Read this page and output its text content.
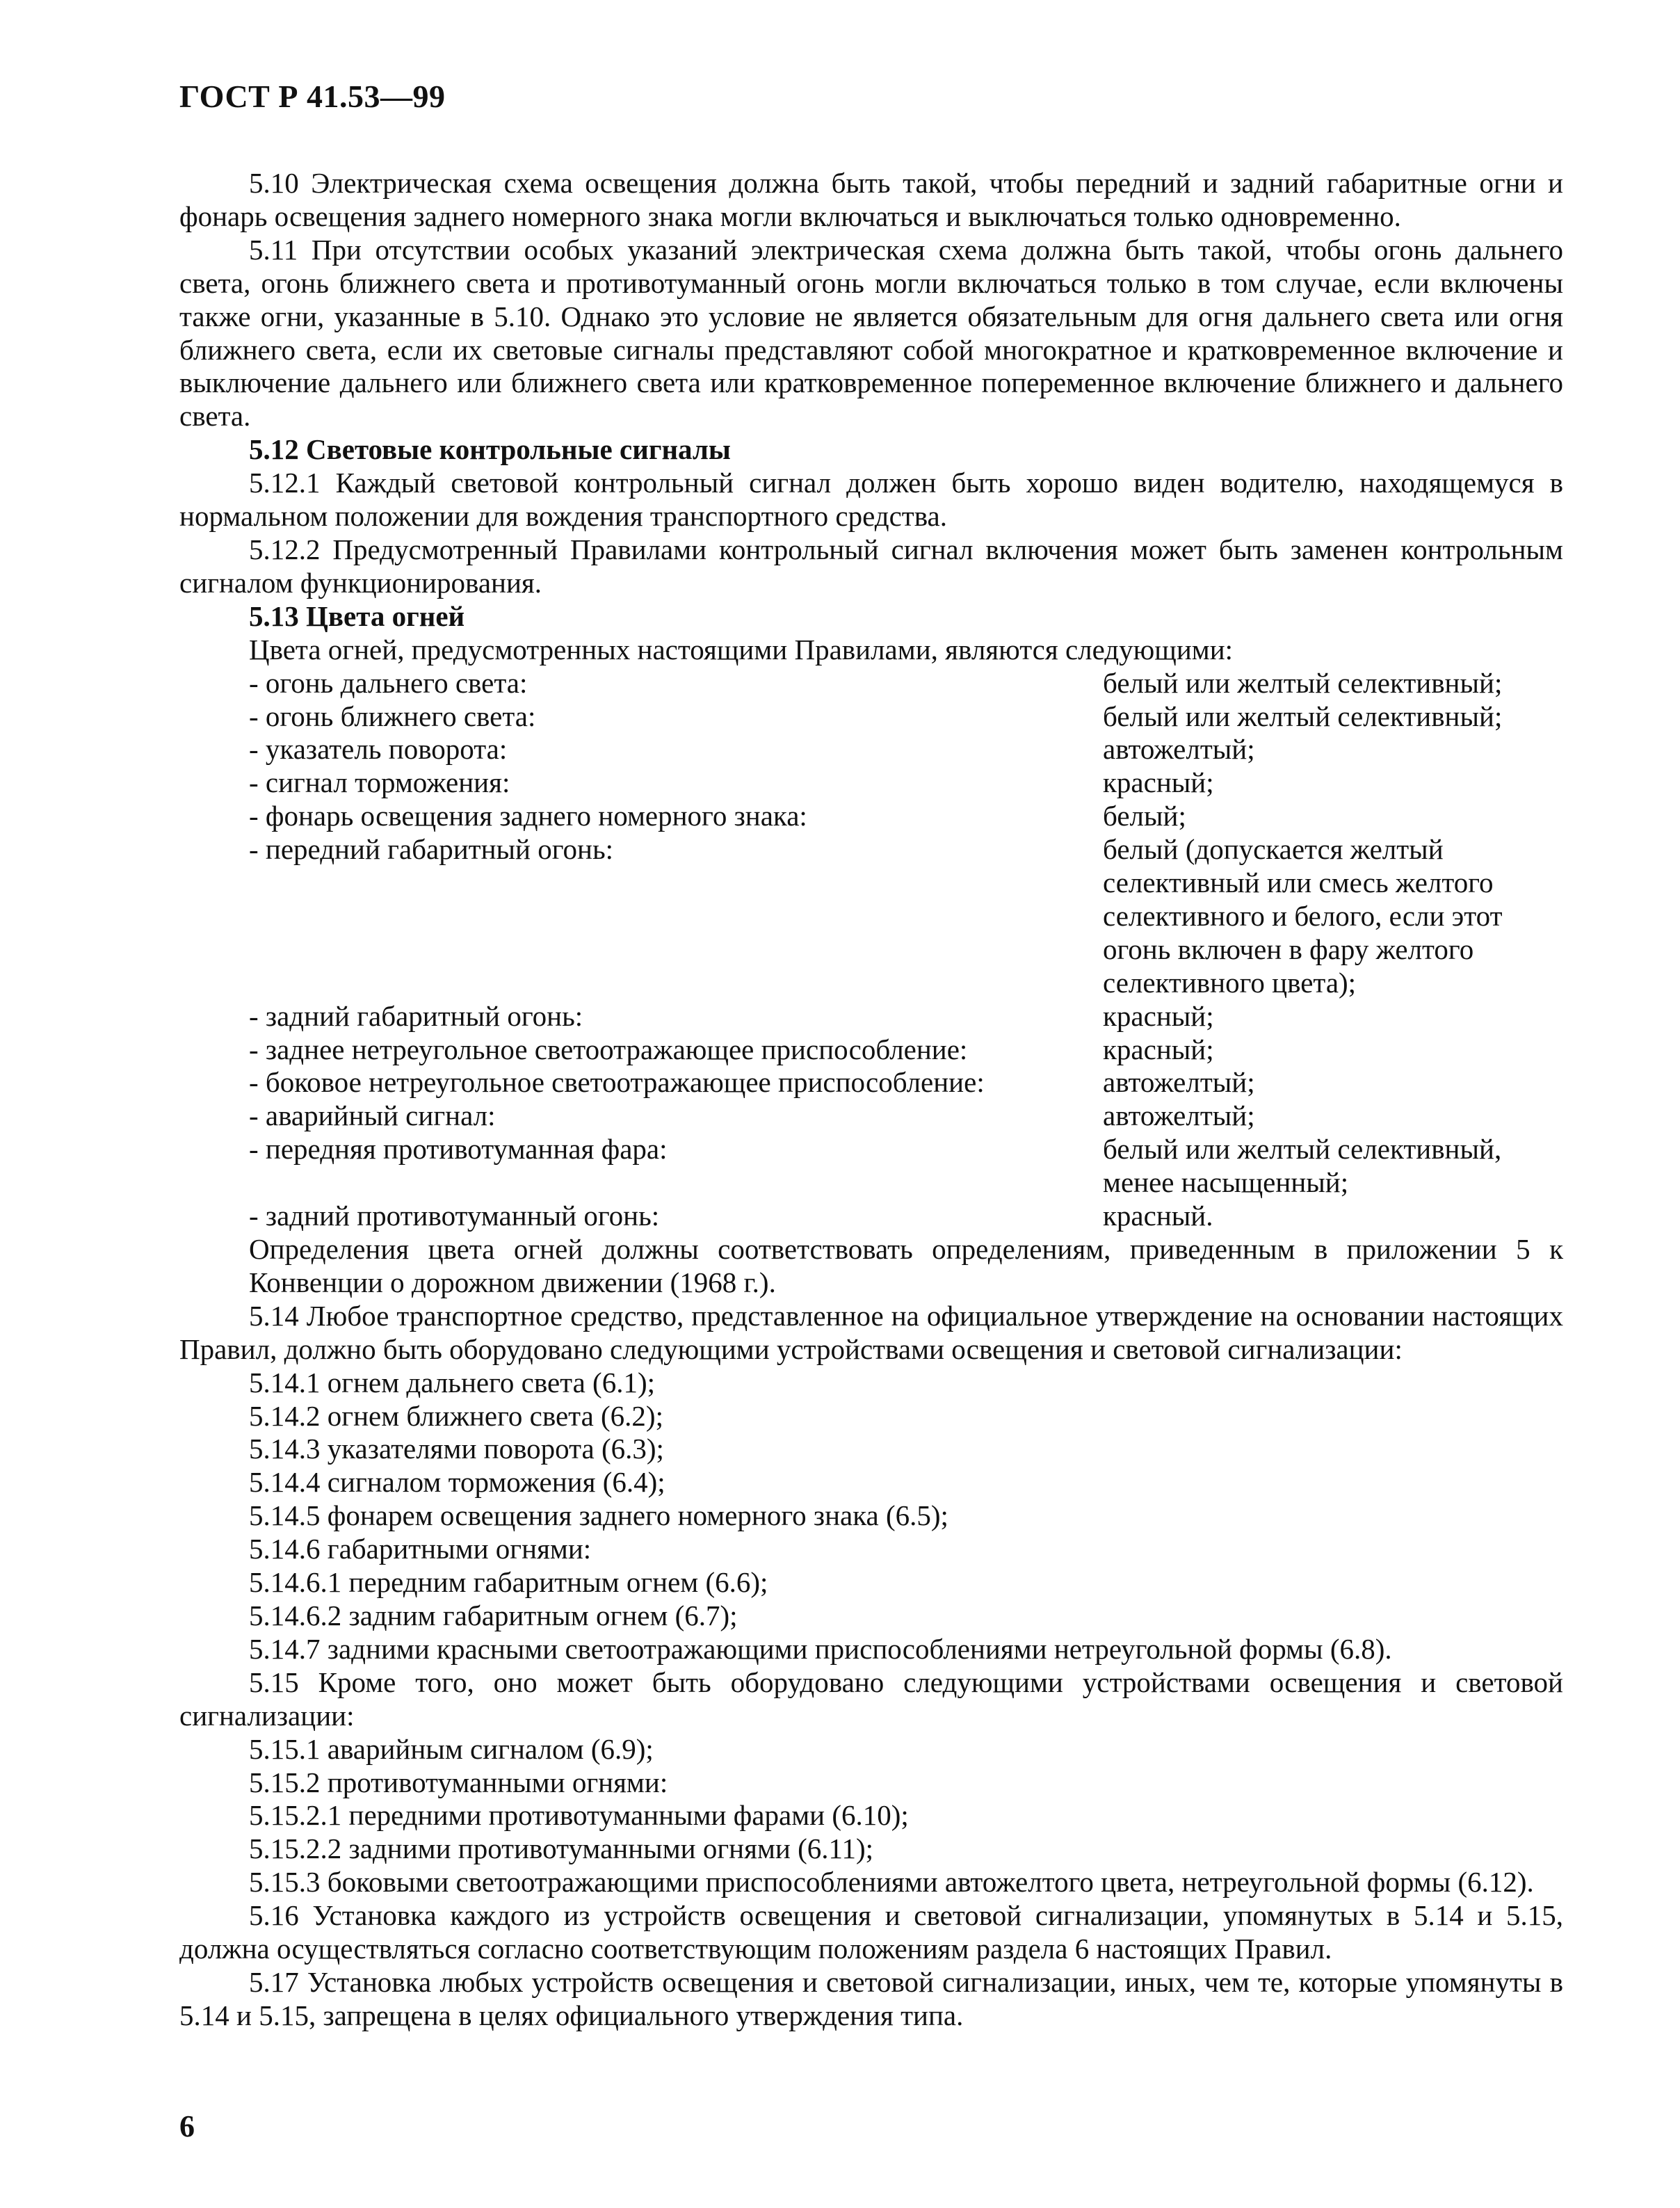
ГОСТ Р 41.53—99

5.10 Электрическая схема освещения должна быть такой, чтобы передний и задний габаритные огни и фонарь освещения заднего номерного знака могли включаться и выключаться только одновременно.

5.11 При отсутствии особых указаний электрическая схема должна быть такой, чтобы огонь дальнего света, огонь ближнего света и противотуманный огонь могли включаться только в том случае, если включены также огни, указанные в 5.10. Однако это условие не является обязательным для огня дальнего света или огня ближнего света, если их световые сигналы представляют собой многократное и кратковременное включение и выключение дальнего или ближнего света или кратковременное попеременное включение ближнего и дальнего света.

5.12 Световые контрольные сигналы

5.12.1 Каждый световой контрольный сигнал должен быть хорошо виден водителю, находящемуся в нормальном положении для вождения транспортного средства.

5.12.2 Предусмотренный Правилами контрольный сигнал включения может быть заменен контрольным сигналом функционирования.

5.13 Цвета огней

Цвета огней, предусмотренных настоящими Правилами, являются следующими:

- огонь дальнего света:	белый или желтый селективный;
- огонь ближнего света:	белый или желтый селективный;
- указатель поворота:	автожелтый;
- сигнал торможения:	красный;
- фонарь освещения заднего номерного знака:	белый;
- передний габаритный огонь:	белый (допускается желтый селективный или смесь желтого селективного и белого, если этот огонь включен в фару желтого селективного цвета);
- задний габаритный огонь:	красный;
- заднее нетреугольное светоотражающее приспособление:	красный;
- боковое нетреугольное светоотражающее приспособление:	автожелтый;
- аварийный сигнал:	автожелтый;
- передняя противотуманная фара:	белый или желтый селективный, менее насыщенный;
- задний противотуманный огонь:	красный.

Определения цвета огней должны соответствовать определениям, приведенным в приложении 5 к Конвенции о дорожном движении (1968 г.).

5.14 Любое транспортное средство, представленное на официальное утверждение на основании настоящих Правил, должно быть оборудовано следующими устройствами освещения и световой сигнализации:

5.14.1 огнем дальнего света (6.1);

5.14.2 огнем ближнего света (6.2);

5.14.3 указателями поворота (6.3);

5.14.4 сигналом торможения (6.4);

5.14.5 фонарем освещения заднего номерного знака (6.5);

5.14.6 габаритными огнями:

5.14.6.1 передним габаритным огнем (6.6);

5.14.6.2 задним габаритным огнем (6.7);

5.14.7 задними красными светоотражающими приспособлениями нетреугольной формы (6.8).

5.15 Кроме того, оно может быть оборудовано следующими устройствами освещения и световой сигнализации:

5.15.1 аварийным сигналом (6.9);

5.15.2 противотуманными огнями:

5.15.2.1 передними противотуманными фарами (6.10);

5.15.2.2 задними противотуманными огнями (6.11);

5.15.3 боковыми светоотражающими приспособлениями автожелтого цвета, нетреугольной формы (6.12).

5.16 Установка каждого из устройств освещения и световой сигнализации, упомянутых в 5.14 и 5.15, должна осуществляться согласно соответствующим положениям раздела 6 настоящих Правил.

5.17 Установка любых устройств освещения и световой сигнализации, иных, чем те, которые упомянуты в 5.14 и 5.15, запрещена в целях официального утверждения типа.

6
